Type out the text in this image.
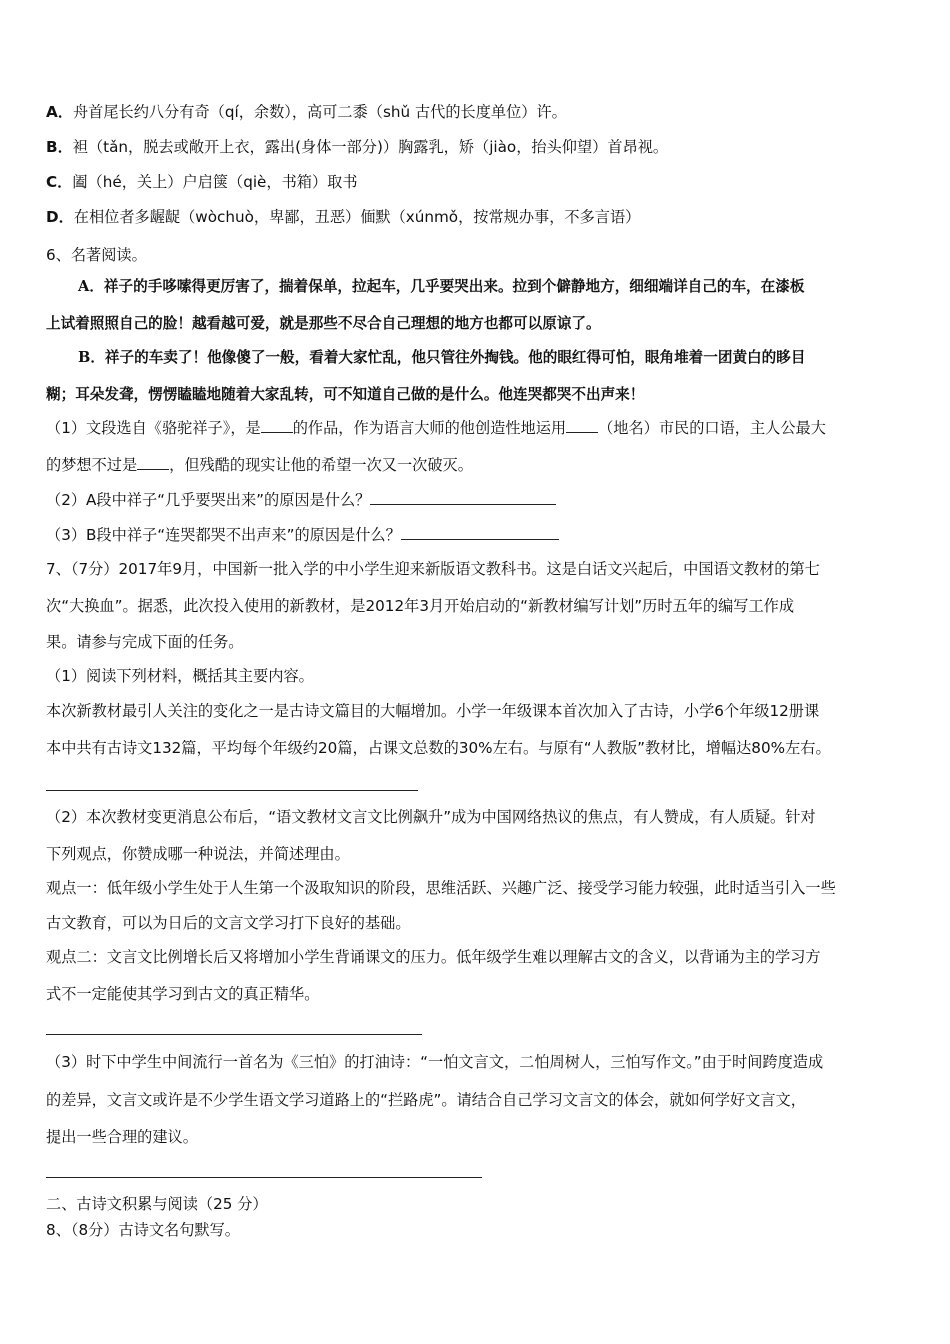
A．舟首尾长约八分有奇（qí，余数），高可二黍（shǔ 古代的长度单位）许。
B．袒（tǎn，脱去或敞开上衣，露出(身体一部分)）胸露乳，矫（jiào，抬头仰望）首昂视。
C．阖（hé，关上）户启箧（qiè，书箱）取书
D．在相位者多龌龊（wòchuò，卑鄙，丑恶）偭默（xúnmǒ，按常规办事，不多言语）
6、名著阅读。
A．祥子的手哆嗦得更厉害了，揣着保单，拉起车，几乎要哭出来。拉到个僻静地方，细细端详自己的车，在漆板
上试着照照自己的脸！越看越可爱，就是那些不尽合自己理想的地方也都可以原谅了。
B．祥子的车卖了！他像傻了一般，看着大家忙乱，他只管往外掏钱。他的眼红得可怕，眼角堆着一团黄白的眵目
糊；耳朵发聋，愣愣瞌瞌地随着大家乱转，可不知道自己做的是什么。他连哭都哭不出声来！
（1）文段选自《骆驼祥子》，是 的作品，作为语言大师的他创造性地运用 （地名）市民的口语，主人公最大
的梦想不过是 ，但残酷的现实让他的希望一次又一次破灭。
（2）A段中祥子“几乎要哭出来”的原因是什么？
（3）B段中祥子“连哭都哭不出声来”的原因是什么？
7、（7分）2017年9月，中国新一批入学的中小学生迎来新版语文教科书。这是白话文兴起后，中国语文教材的第七
次“大换血”。据悉，此次投入使用的新教材，是2012年3月开始启动的“新教材编写计划”历时五年的编写工作成
果。请参与完成下面的任务。
（1）阅读下列材料，概括其主要内容。
本次新教材最引人关注的变化之一是古诗文篇目的大幅增加。小学一年级课本首次加入了古诗，小学6个年级12册课
本中共有古诗文132篇，平均每个年级约20篇，占课文总数的30%左右。与原有“人教版”教材比，增幅达80%左右。
（2）本次教材变更消息公布后，“语文教材文言文比例飙升”成为中国网络热议的焦点，有人赞成，有人质疑。针对
下列观点，你赞成哪一种说法，并简述理由。
观点一：低年级小学生处于人生第一个汲取知识的阶段，思维活跃、兴趣广泛、接受学习能力较强，此时适当引入一些
古文教育，可以为日后的文言文学习打下良好的基础。
观点二：文言文比例增长后又将增加小学生背诵课文的压力。低年级学生难以理解古文的含义，以背诵为主的学习方
式不一定能使其学习到古文的真正精华。
（3）时下中学生中间流行一首名为《三怕》的打油诗：“一怕文言文，二怕周树人，三怕写作文。”由于时间跨度造成
的差异，文言文或许是不少学生语文学习道路上的“拦路虎”。请结合自己学习文言文的体会，就如何学好文言文，
提出一些合理的建议。
二、古诗文积累与阅读（25 分）
8、（8分）古诗文名句默写。
